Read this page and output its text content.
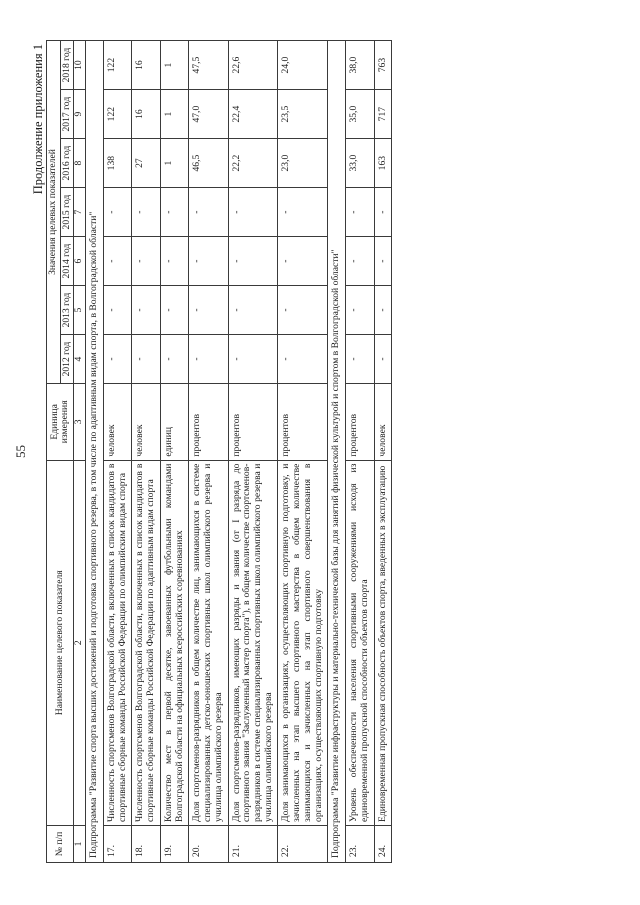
55
Продолжение приложения 1
№ п/п	Наименование целевого показателя	Единица измерения	Значения целевых показателей						
			2012 год	2013 год	2014 год	2015 год	2016 год	2017 год	2018 год
1	2	3	4	5	6	7	8	9	10
Подпрограмма "Развитие спорта высших достижений и подготовка спортивного резерва, в том числе по адаптивным видам спорта, в Волгоградской области"									
17.	Численность спортсменов Волгоградской области, включенных в список кандидатов в спортивные сборные команды Российской Федерации по олимпийским видам спорта	человек	-	-	-	-	138	122	122
18.	Численность спортсменов Волгоградской области, включенных в список кандидатов в спортивные сборные команды Российской Федерации по адаптивным видам спорта	человек	-	-	-	-	27	16	16
19.	Количество мест в первой десятке, завоеванных футбольными командами Волгоградской области на официальных всероссийских соревнованиях	единиц	-	-	-	-	1	1	1
20.	Доля спортсменов-разрядников в общем количестве лиц, занимающихся в системе специализированных детско-юношеских спортивных школ олимпийского резерва и училища олимпийского резерва	процентов	-	-	-	-	46,5	47,0	47,5
21.	Доля спортсменов-разрядников, имеющих разряды и звания (от I разряда до спортивного звания "Заслуженный мастер спорта"), в общем количестве спортсменов-разрядников в системе специализированных спортивных школ олимпийского резерва и училища олимпийского резерва	процентов	-	-	-	-	22,2	22,4	22,6
22.	Доля занимающихся в организациях, осуществляющих спортивную подготовку, и зачисленных на этап высшего спортивного мастерства в общем количестве занимающихся и зачисленных на этап спортивного совершенствования в организациях, осуществляющих спортивную подготовку	процентов	-	-	-	-	23,0	23,5	24,0
Подпрограмма "Развитие инфраструктуры и материально-технической базы для занятий физической культурой и спортом в Волгоградской области"									
23.	Уровень обеспеченности населения спортивными сооружениями исходя из единовременной пропускной способности объектов спорта	процентов	-	-	-	-	33,0	35,0	38,0
24.	Единовременная пропускная способность объектов спорта, введенных в эксплуатацию	человек	-	-	-	-	163	717	763
